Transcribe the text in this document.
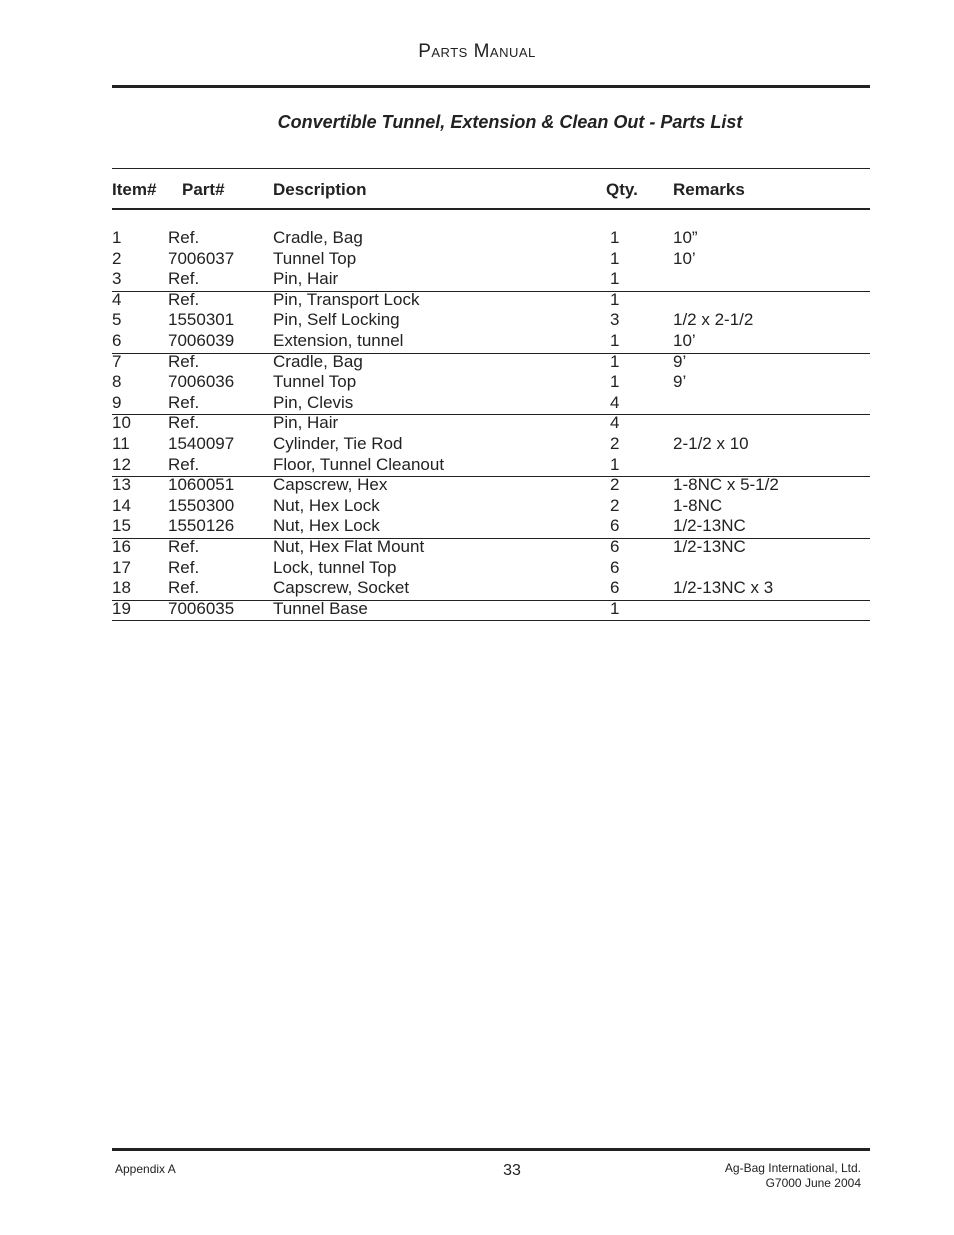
Parts Manual
Convertible Tunnel, Extension & Clean Out - Parts List
Item# Part#	Description	Qty. Remarks
1	Ref.	Cradle, Bag	1	10”
2	7006037 Tunnel Top	1	10’
3	Ref.	Pin, Hair	1
4	Ref.	Pin, Transport Lock	1
5	1550301 Pin, Self Locking	3	1/2 x 2-1/2
6	7006039 Extension, tunnel	1	10’
7	Ref.	Cradle, Bag	1	9’
8	7006036 Tunnel Top	1	9’
9	Ref.	Pin, Clevis	4
10 Ref.	Pin, Hair	4
11 1540097 Cylinder, Tie Rod	2	2-1/2 x 10
12 Ref.	Floor, Tunnel Cleanout	1
13 1060051 Capscrew, Hex	2	1-8NC x 5-1/2
14 1550300 Nut, Hex Lock	2	1-8NC
15 1550126 Nut, Hex Lock	6	1/2-13NC
16 Ref.	Nut, Hex Flat Mount	6	1/2-13NC
17 Ref.	Lock, tunnel Top	6
18 Ref.	Capscrew, Socket	6	1/2-13NC x 3
19 7006035 Tunnel Base	1
Appendix A	33	Ag-Bag International, Ltd.
G7000 June 2004
